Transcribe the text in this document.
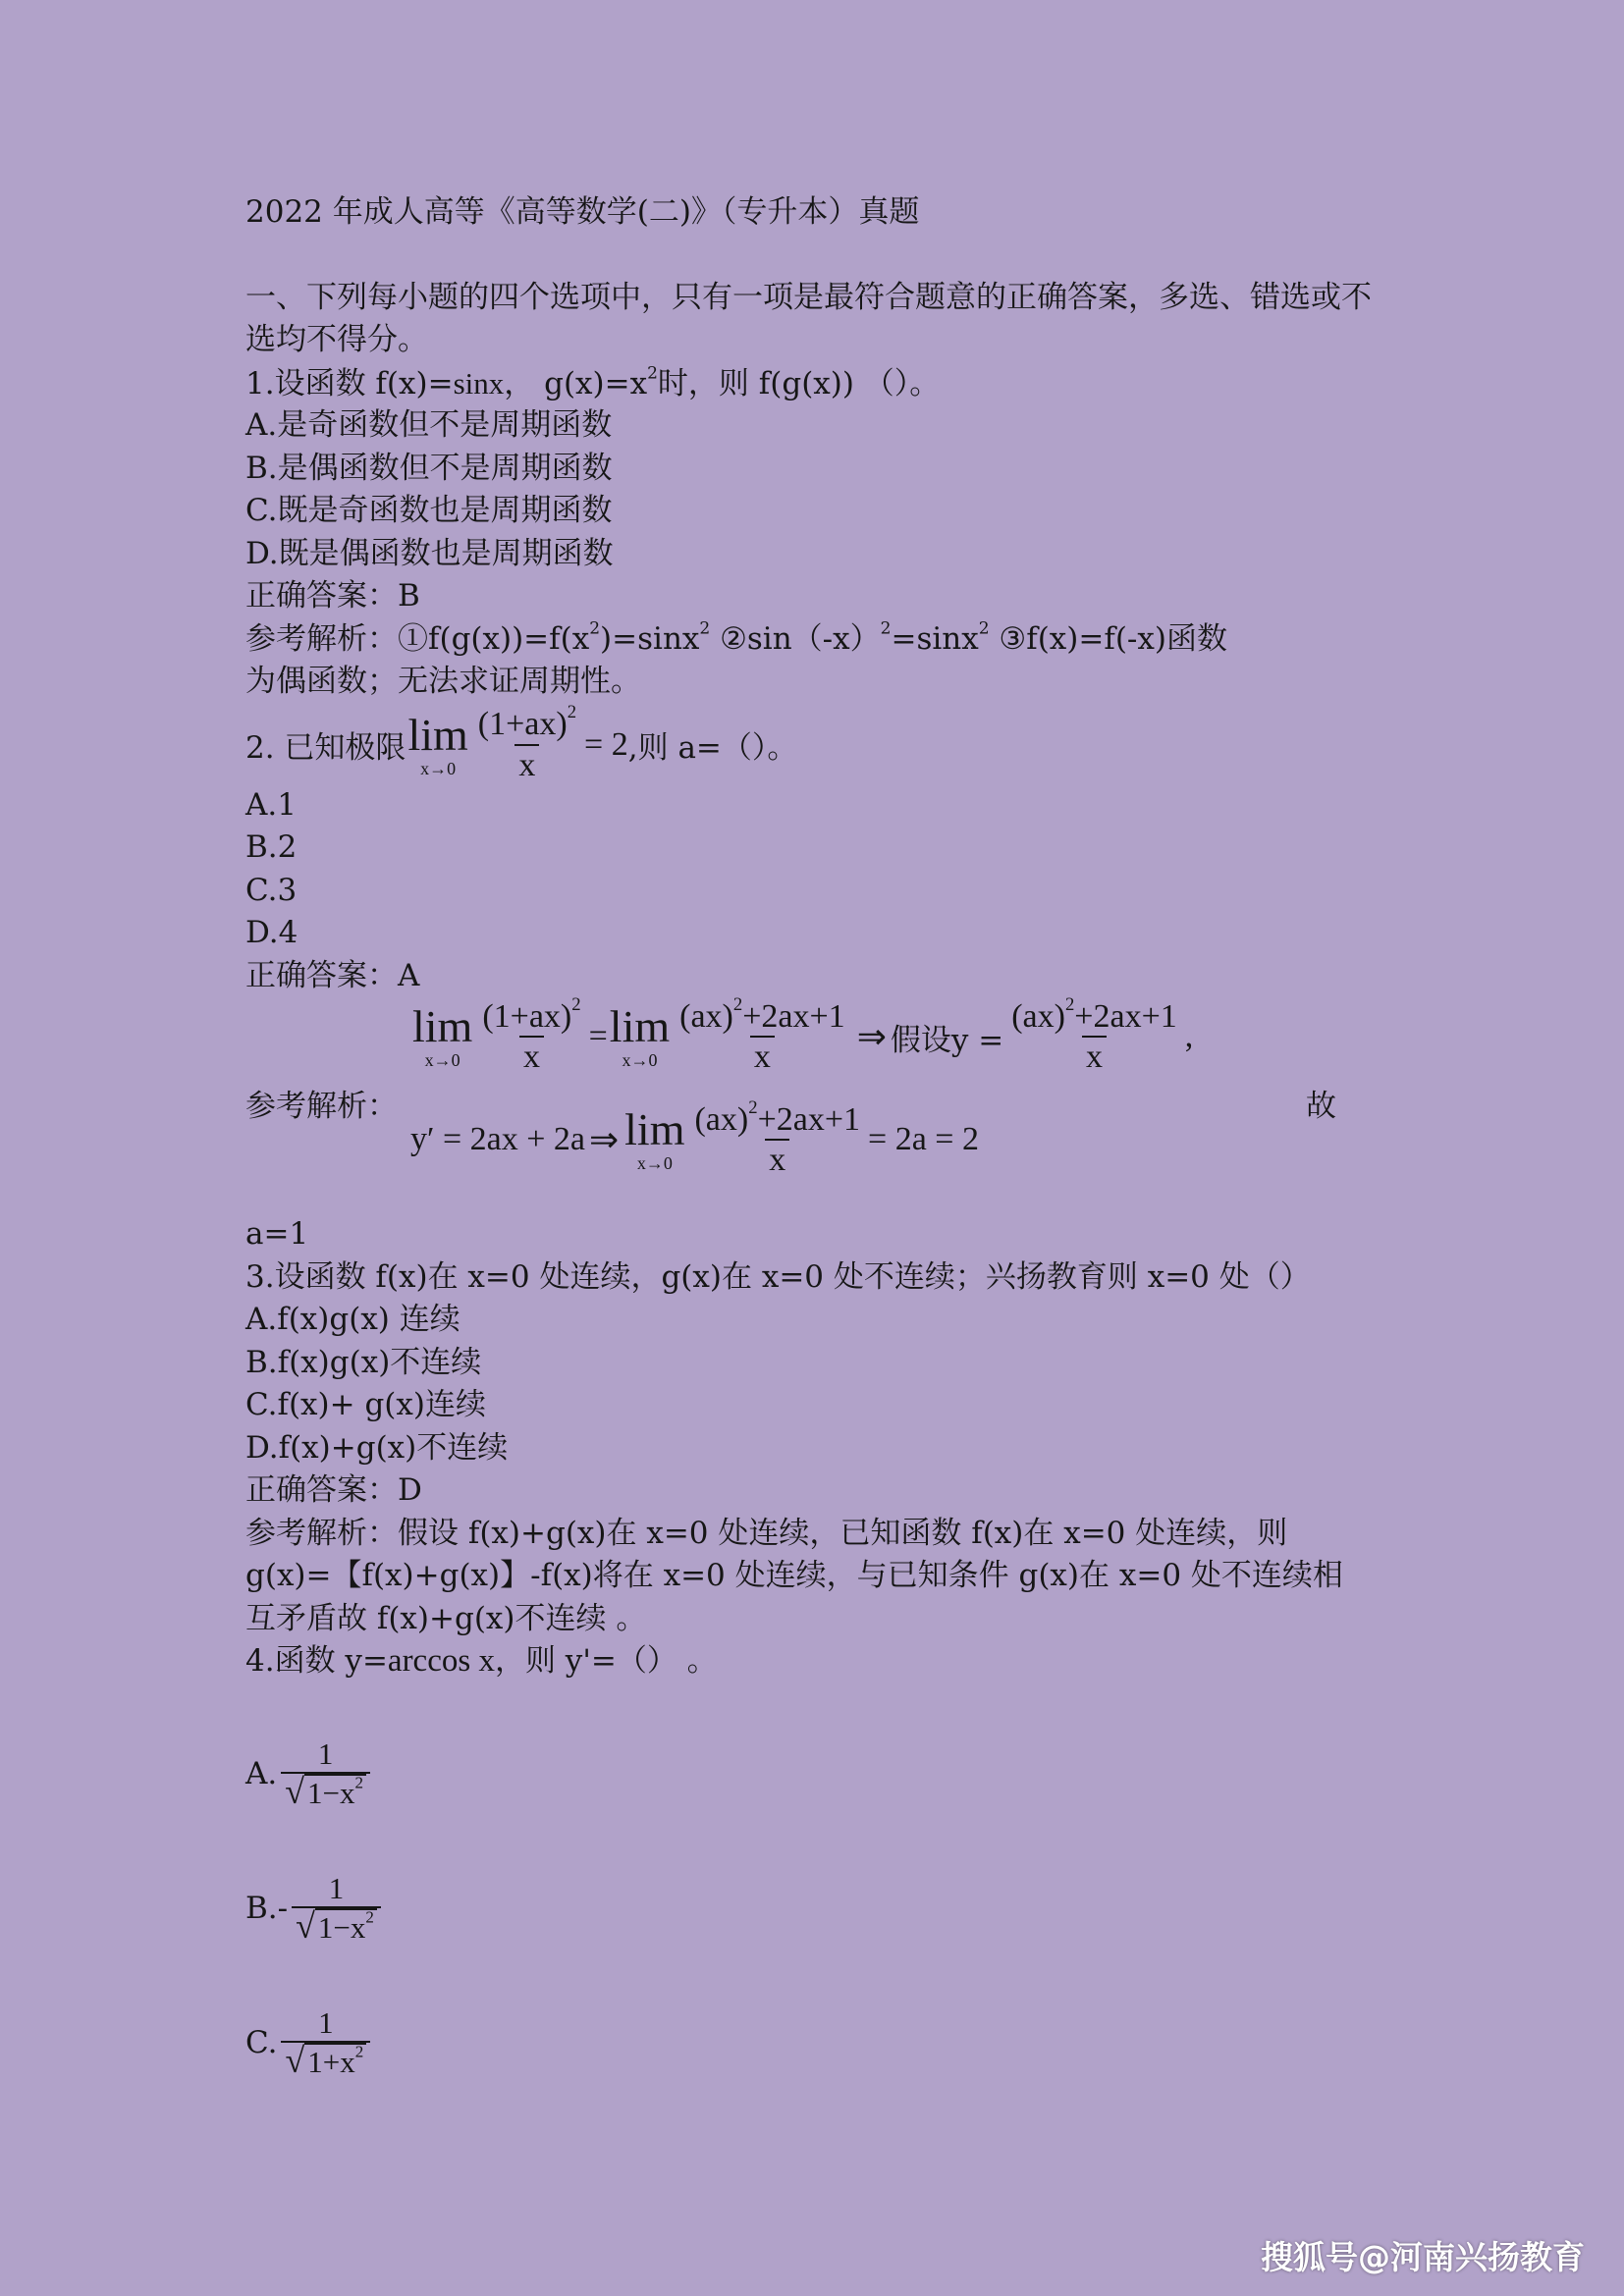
2022 年成人高等《高等数学(二)》（专升本）真题
一、下列每小题的四个选项中，只有一项是最符合题意的正确答案，多选、错选或不选均不得分。
1.设函数 f(x)=sinx， $g(x)=x^2$时，则 f(g(x)) （）。
A.是奇函数但不是周期函数
B.是偶函数但不是周期函数
C.既是奇函数也是周期函数
D.既是偶函数也是周期函数
正确答案：B
参考解析：$①f(g(x))=f(x^2)=\sin x^2$ $②\sin(-x)^2=\sin x^2$ ③f(x)=f(-x)函数
为偶函数；无法求证周期性。
2. 已知极限 lim
$x\to 0 \frac{(1+ax)^2}{x} = 2$ ,则 a=（）。
A.1
B.2
C.3
D.4
正确答案：A
参考解析：
lim
$x\to 0 \frac{(1+ax)^2}{x} = \lim$
$x\to 0 \frac{(ax)^2+2ax+1}{x}$ ⇒ 假设$y = \frac{(ax)^2+2ax+1}{x}$ ,
故
y′ = 2ax + 2a ⇒ lim
$x\to 0 \frac{(ax)^2+2ax+1}{x} = 2a = 2$
a=1
3.设函数 f(x)在 x=0 处连续，g(x)在 x=0 处不连续；兴扬教育则 x=0 处（）
A.f(x)g(x) 连续
B.f(x)g(x)不连续
C.f(x)+ g(x)连续
D.f(x)+g(x)不连续
正确答案：D
参考解析：假设 f(x)+g(x)在 x=0 处连续，已知函数 f(x)在 x=0 处连续，则 g(x)=【f(x)+g(x)】-f(x)将在 x=0 处连续，与已知条件 g(x)在 x=0 处不连续相互矛盾故 f(x)+g(x)不连续 。
4.函数 y=arccos x，则 y'=（） 。
A. $\frac{1}{√ 1-x^2}$
$B.- \frac{1}{√ 1-x^2}$
C. $\frac{1}{√ 1+x^2}$
搜狐号@河南兴扬教育
